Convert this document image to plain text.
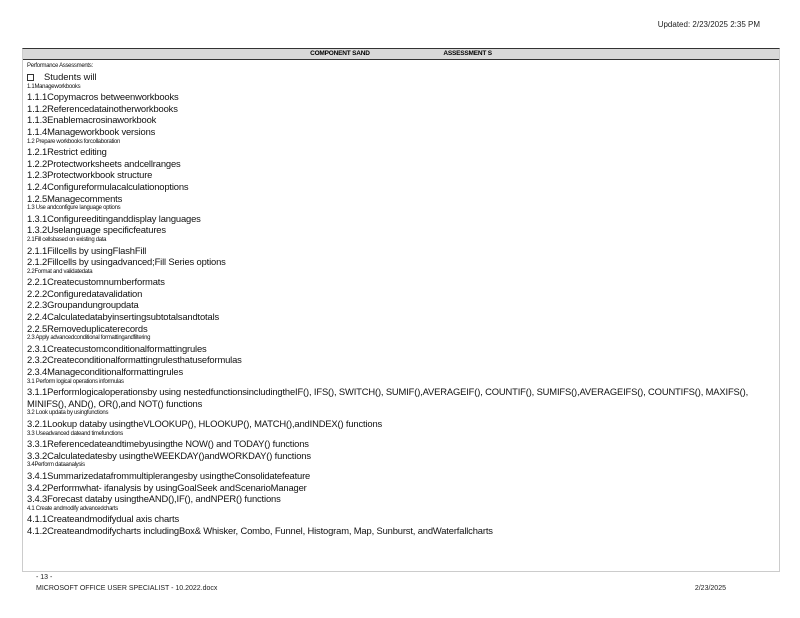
Updated: 2/23/2025 2:35 PM
COMPONENT SAND	ASSESSMENT S
Performance Assessments:
Students will
1.1Manageworkbooks
1.1.1Copymacros betweenworkbooks
1.1.2Referencedatainotherworkbooks
1.1.3Enablemacrosinaworkbook
1.1.4Manageworkbook versions
1.2 Prepare workbooks forcollaboration
1.2.1Restrict editing
1.2.2Protectworksheets andcellranges
1.2.3Protectworkbook structure
1.2.4Configureformulacalculationoptions
1.2.5Managecomments
1.3 Use andconfigure language options
1.3.1Configureeditinganddisplay languages
1.3.2Uselanguage specificfeatures
2.1Fill cellsbased on existing data
2.1.1Fillcells by usingFlashFill
2.1.2Fillcells by usingadvanced;Fill Series options
2.2Format and validatedata
2.2.1Createcustomnumberformats
2.2.2Configuredatavalidation
2.2.3Groupandungroupdata
2.2.4Calculatedatabyinsertingsubtotalsandtotals
2.2.5Removeduplicaterecords
2.3 Apply advancedconditional formattingandfiltering
2.3.1Createcustomconditionalformattingrules
2.3.2Createconditionalformattingrulesthatuseformulas
2.3.4Manageconditionalformattingrules
3.1 Perform logical operations informulas
3.1.1Performlogicaloperationsby using nestedfunctionsincludingtheIF(), IFS(), SWITCH(), SUMIF(),AVERAGEIF(), COUNTIF(), SUMIFS(),AVERAGEIFS(), COUNTIFS(), MAXIFS(), MINIFS(), AND(), OR(),and NOT() functions
3.2 Look updata by usingfunctions
3.2.1Lookup databy usingtheVLOOKUP(), HLOOKUP(), MATCH(),andINDEX() functions
3.3 Useadvanced dateand timefunctions
3.3.1Referencedateandtimebyusingthe NOW() and TODAY() functions
3.3.2Calculatedatesby usingtheWEEKDAY()andWORKDAY() functions
3.4Perform dataanalysis
3.4.1Summarizedatafrommultiplerangesby usingtheConsolidatefeature
3.4.2Performwhat- ifanalysis by usingGoalSeek andScenarioManager
3.4.3Forecast databy usingtheAND(),IF(), andNPER() functions
4.1 Create andmodify advancedcharts
4.1.1Createandmodifydual axis charts
4.1.2Createandmodifycharts includingBox& Whisker, Combo, Funnel, Histogram, Map, Sunburst, andWaterfallcharts
- 13 -
MICROSOFT OFFICE USER SPECIALIST - 10.2022.docx	2/23/2025
